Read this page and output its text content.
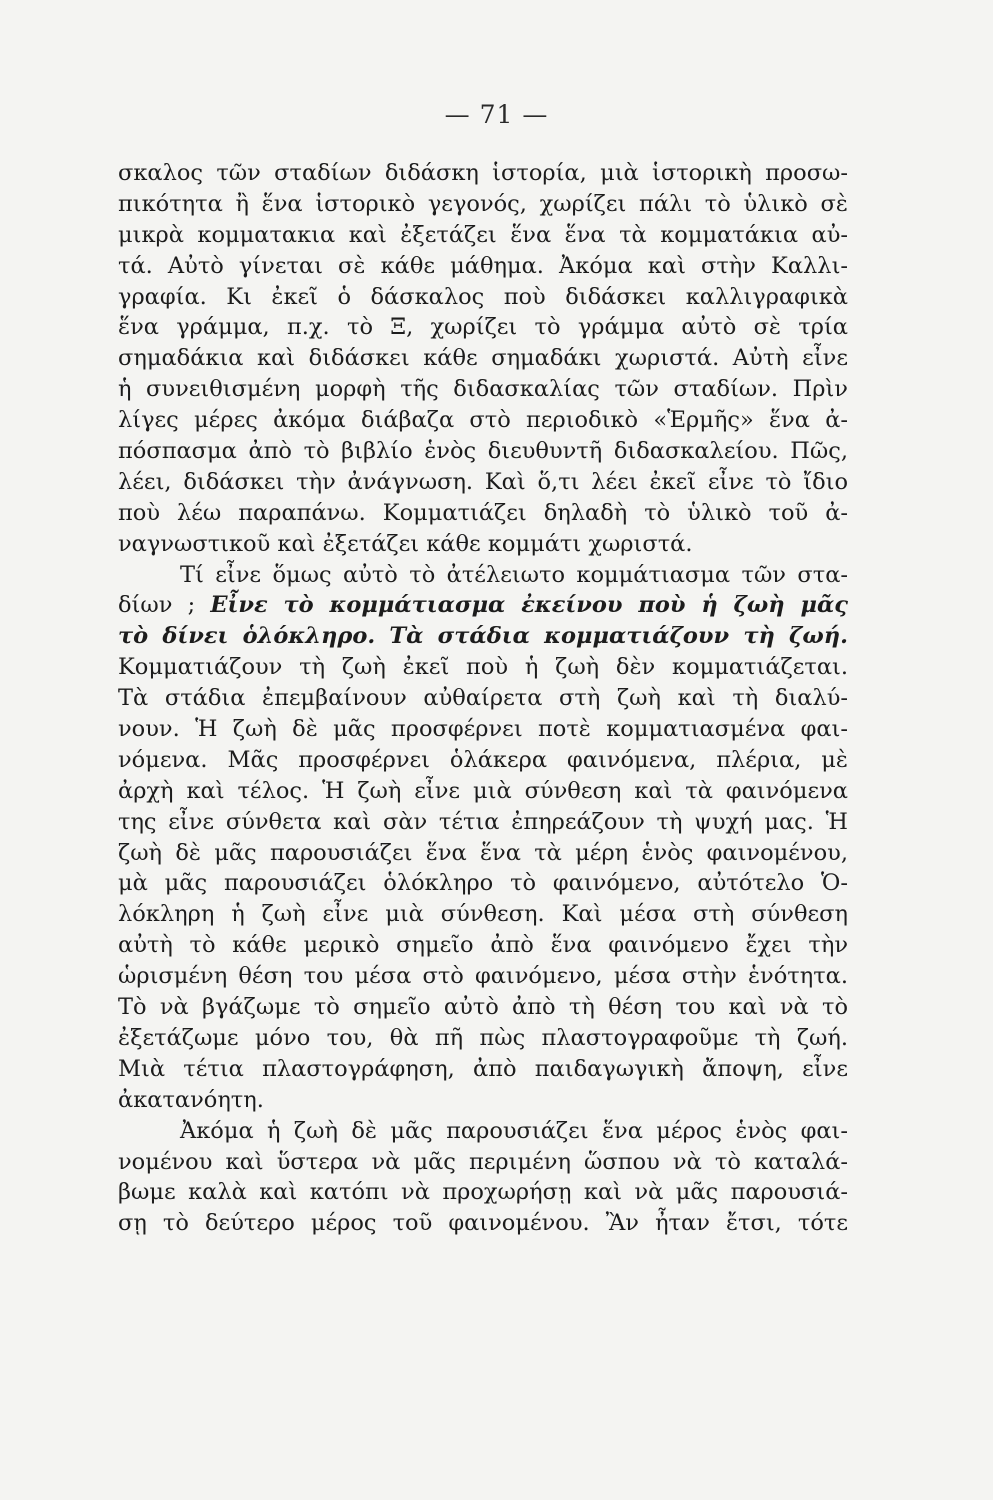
— 71 —
σκαλος τῶν σταδίων διδάσκη ἱστορία, μιὰ ἱστορικὴ προσω-
πικότητα ἢ ἕνα ἱστορικὸ γεγονός, χωρίζει πάλι τὸ ὑλικὸ σὲ
μικρὰ κομματακια καὶ ἐξετάζει ἕνα ἕνα τὰ κομματάκια αὐ-
τά. Αὐτὸ γίνεται σὲ κάθε μάθημα. Ἀκόμα καὶ στὴν Καλλι-
γραφία. Κι ἐκεῖ ὁ δάσκαλος ποὺ διδάσκει καλλιγραφικὰ
ἕνα γράμμα, π.χ. τὸ Ξ, χωρίζει τὸ γράμμα αὐτὸ σὲ τρία
σημαδάκια καὶ διδάσκει κάθε σημαδάκι χωριστά. Αὐτὴ εἶνε
ἡ συνειθισμένη μορφὴ τῆς διδασκαλίας τῶν σταδίων. Πρὶν
λίγες μέρες ἀκόμα διάβαζα στὸ περιοδικὸ «Ἑρμῆς» ἕνα ἀ-
πόσπασμα ἀπὸ τὸ βιβλίο ἑνὸς διευθυντῆ διδασκαλείου. Πῶς,
λέει, διδάσκει τὴν ἀνάγνωση. Καὶ ὅ,τι λέει ἐκεῖ εἶνε τὸ ἴδιο
ποὺ λέω παραπάνω. Κομματιάζει δηλαδὴ τὸ ὑλικὸ τοῦ ἀ-
ναγνωστικοῦ καὶ ἐξετάζει κάθε κομμάτι χωριστά.
Τί εἶνε ὅμως αὐτὸ τὸ ἀτέλειωτο κομμάτιασμα τῶν στα-
δίων ; Εἶνε τὸ κομμάτιασμα ἐκείνου ποὺ ἡ ζωὴ μᾶς
τὸ δίνει ὁλόκληρο. Τὰ στάδια κομματιάζουν τὴ ζωή.
Κομματιάζουν τὴ ζωὴ ἐκεῖ ποὺ ἡ ζωὴ δὲν κομματιάζεται.
Τὰ στάδια ἐπεμβαίνουν αὐθαίρετα στὴ ζωὴ καὶ τὴ διαλύ-
νουν. Ἡ ζωὴ δὲ μᾶς προσφέρνει ποτὲ κομματιασμένα φαι-
νόμενα. Μᾶς προσφέρνει ὁλάκερα φαινόμενα, πλέρια, μὲ
ἀρχὴ καὶ τέλος. Ἡ ζωὴ εἶνε μιὰ σύνθεση καὶ τὰ φαινόμενα
της εἶνε σύνθετα καὶ σὰν τέτια ἐπηρεάζουν τὴ ψυχή μας. Ἡ
ζωὴ δὲ μᾶς παρουσιάζει ἕνα ἕνα τὰ μέρη ἑνὸς φαινομένου,
μὰ μᾶς παρουσιάζει ὁλόκληρο τὸ φαινόμενο, αὐτότελο Ὁ-
λόκληρη ἡ ζωὴ εἶνε μιὰ σύνθεση. Καὶ μέσα στὴ σύνθεση
αὐτὴ τὸ κάθε μερικὸ σημεῖο ἀπὸ ἕνα φαινόμενο ἔχει τὴν
ὡρισμένη θέση του μέσα στὸ φαινόμενο, μέσα στὴν ἑνότητα.
Τὸ νὰ βγάζωμε τὸ σημεῖο αὐτὸ ἀπὸ τὴ θέση του καὶ νὰ τὸ
ἐξετάζωμε μόνο του, θὰ πῆ πὼς πλαστογραφοῦμε τὴ ζωή.
Μιὰ τέτια πλαστογράφηση, ἀπὸ παιδαγωγικὴ ἄποψη, εἶνε
ἀκατανόητη.
Ἀκόμα ἡ ζωὴ δὲ μᾶς παρουσιάζει ἕνα μέρος ἑνὸς φαι-
νομένου καὶ ὕστερα νὰ μᾶς περιμένη ὥσπου νὰ τὸ καταλά-
βωμε καλὰ καὶ κατόπι νὰ προχωρήσῃ καὶ νὰ μᾶς παρουσιά-
σῃ τὸ δεύτερο μέρος τοῦ φαινομένου. Ἂν ἦταν ἔτσι, τότε
